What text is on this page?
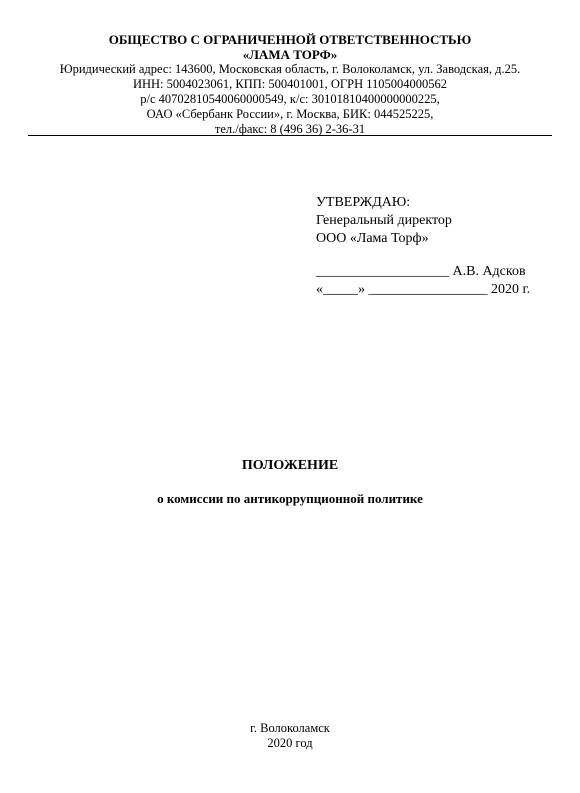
ОБЩЕСТВО С ОГРАНИЧЕННОЙ ОТВЕТСТВЕННОСТЬЮ
«ЛАМА ТОРФ»
Юридический адрес: 143600, Московская область, г. Волоколамск, ул. Заводская, д.25.
ИНН: 5004023061, КПП: 500401001, ОГРН 1105004000562
р/с 40702810540060000549, к/с: 30101810400000000225,
ОАО «Сбербанк России», г. Москва, БИК: 044525225,
тел./факс: 8 (496 36) 2-36-31
УТВЕРЖДАЮ:
Генеральный директор
ООО «Лама Торф»
___________________ А.В. Адсков
«_____» _________________ 2020 г.
ПОЛОЖЕНИЕ
о комиссии по антикоррупционной политике
г. Волоколамск
2020 год
